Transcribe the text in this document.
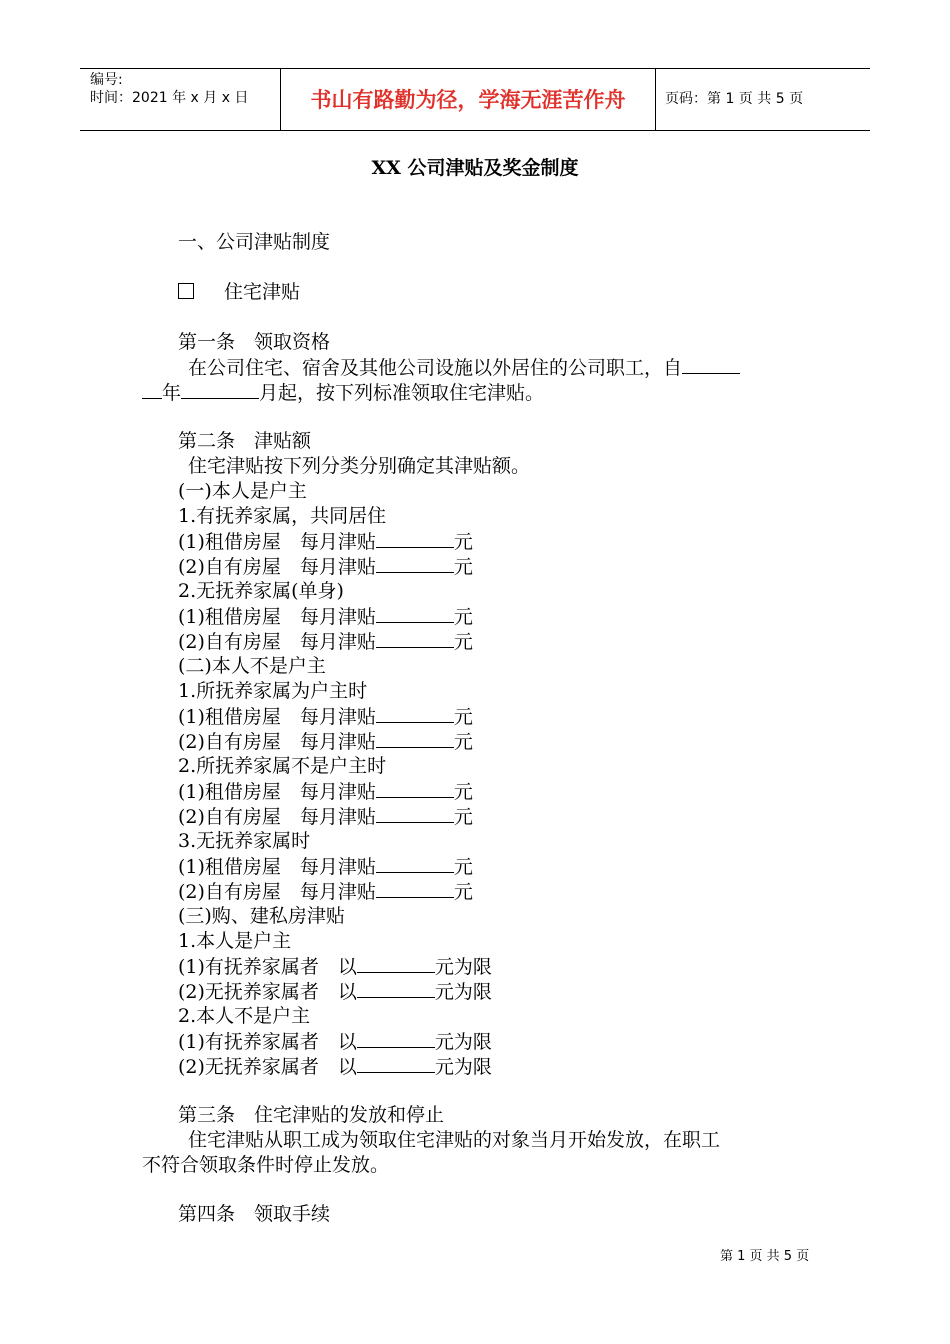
编号:
时间：2021 年 x 月 x 日	书山有路勤为径，学海无涯苦作舟	页码：第 1 页 共 5 页
XX 公司津贴及奖金制度
一、公司津贴制度
住宅津贴
第一条　领取资格
在公司住宅、宿舍及其他公司设施以外居住的公司职工，自
年	月起，按下列标准领取住宅津贴。
第二条　津贴额
住宅津贴按下列分类分别确定其津贴额。
(一)本人是户主
1.有抚养家属，共同居住
(1)租借房屋　每月津贴	元
(2)自有房屋　每月津贴	元
2.无抚养家属(单身)
(1)租借房屋　每月津贴	元
(2)自有房屋　每月津贴	元
(二)本人不是户主
1.所抚养家属为户主时
(1)租借房屋　每月津贴	元
(2)自有房屋　每月津贴	元
2.所抚养家属不是户主时
(1)租借房屋　每月津贴	元
(2)自有房屋　每月津贴	元
3.无抚养家属时
(1)租借房屋　每月津贴	元
(2)自有房屋　每月津贴	元
(三)购、建私房津贴
1.本人是户主
(1)有抚养家属者　以	元为限
(2)无抚养家属者　以	元为限
2.本人不是户主
(1)有抚养家属者　以	元为限
(2)无抚养家属者　以	元为限
第三条　住宅津贴的发放和停止
住宅津贴从职工成为领取住宅津贴的对象当月开始发放，在职工
不符合领取条件时停止发放。
第四条　领取手续
第 1 页 共 5 页
